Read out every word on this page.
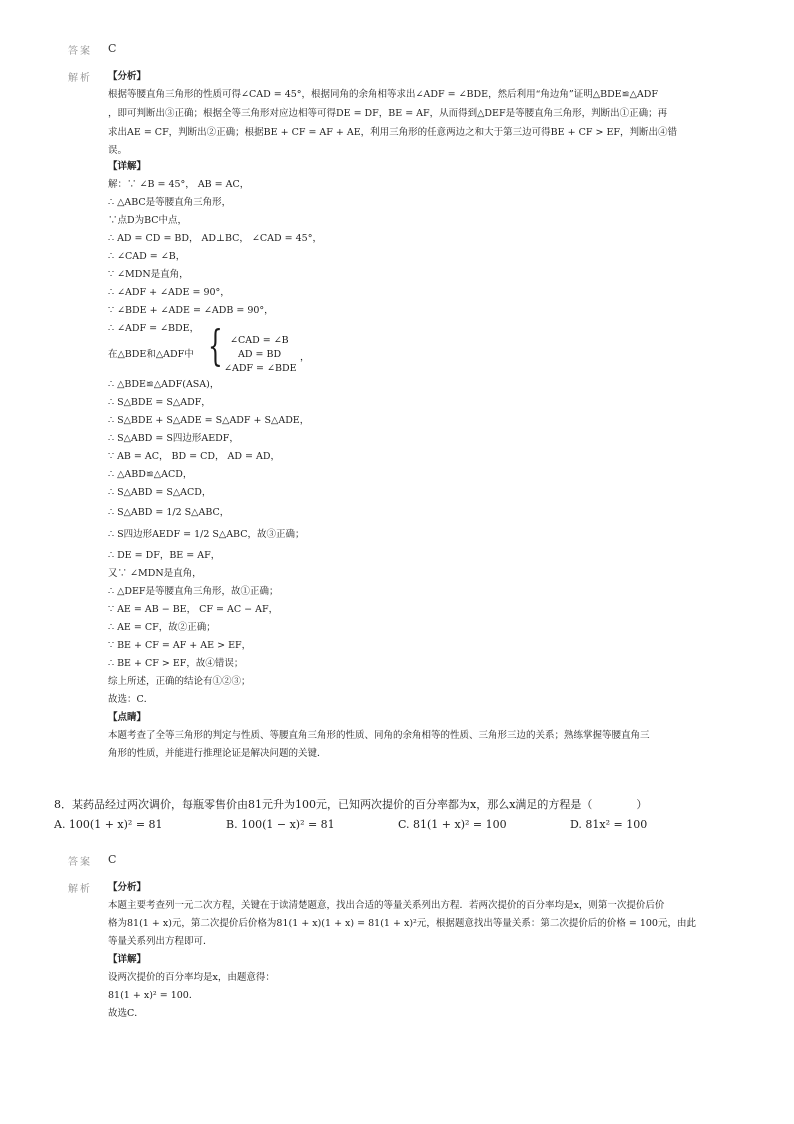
答案 C
解析 【分析】
根据等腰直角三角形的性质可得∠CAD = 45°，根据同角的余角相等求出∠ADF = ∠BDE，然后利用“角边角”证明△BDE≌△ADF
，即可判断出③正确；根据全等三角形对应边相等可得DE = DF，BE = AF，从而得到△DEF是等腰直角三角形，判断出①正确；再
求出AE = CF，判断出②正确；根据BE + CF = AF + AE，利用三角形的任意两边之和大于第三边可得BE + CF > EF，判断出④错
误。
【详解】
解：∵ ∠B = 45°， AB = AC，
∴ △ABC是等腰直角三角形，
∵点D为BC中点，
∴ AD = CD = BD， AD⊥BC， ∠CAD = 45°，
∴ ∠CAD = ∠B，
∵ ∠MDN是直角，
∴ ∠ADF + ∠ADE = 90°，
∵ ∠BDE + ∠ADE = ∠ADB = 90°，
∴ ∠ADF = ∠BDE，
在△BDE和△ADF中 { ∠CAD = ∠B
AD = BD
∠ADF = ∠BDE
，
∴ △BDE≌△ADF(ASA)，
∴ S△BDE = S△ADF，
∴ S△BDE + S△ADE = S△ADF + S△ADE，
∴ S△ABD = S四边形AEDF，
∵ AB = AC， BD = CD， AD = AD，
∴ △ABD≌△ACD，
∴ S△ABD = S△ACD，
∴ S△ABD = 1/2 S△ABC，
∴ S四边形AEDF = 1/2 S△ABC，故③正确；
∴ DE = DF，BE = AF，
又∵ ∠MDN是直角，
∴ △DEF是等腰直角三角形，故①正确；
∵ AE = AB − BE， CF = AC − AF，
∴ AE = CF，故②正确；
∵ BE + CF = AF + AE > EF，
∴ BE + CF > EF，故④错误；
综上所述，正确的结论有①②③；
故选：C．
【点睛】
本题考查了全等三角形的判定与性质、等腰直角三角形的性质、同角的余角相等的性质、三角形三边的关系；熟练掌握等腰直角三
角形的性质，并能进行推理论证是解决问题的关键．
8．某药品经过两次调价，每瓶零售价由81元升为100元，已知两次提价的百分率都为x，那么x满足的方程是（　　　　）
A. 100(1 + x)² = 81	B. 100(1 − x)² = 81	C. 81(1 + x)² = 100	D. 81x² = 100
答案 C
解析 【分析】
本题主要考查列一元二次方程，关键在于读清楚题意，找出合适的等量关系列出方程．若两次提价的百分率均是x，则第一次提价后价
格为81(1 + x)元，第二次提价后价格为81(1 + x)(1 + x) = 81(1 + x)²元，根据题意找出等量关系：第二次提价后的价格 = 100元，由此
等量关系列出方程即可．
【详解】
设两次提价的百分率均是x，由题意得：
81(1 + x)² = 100．
故选C．
